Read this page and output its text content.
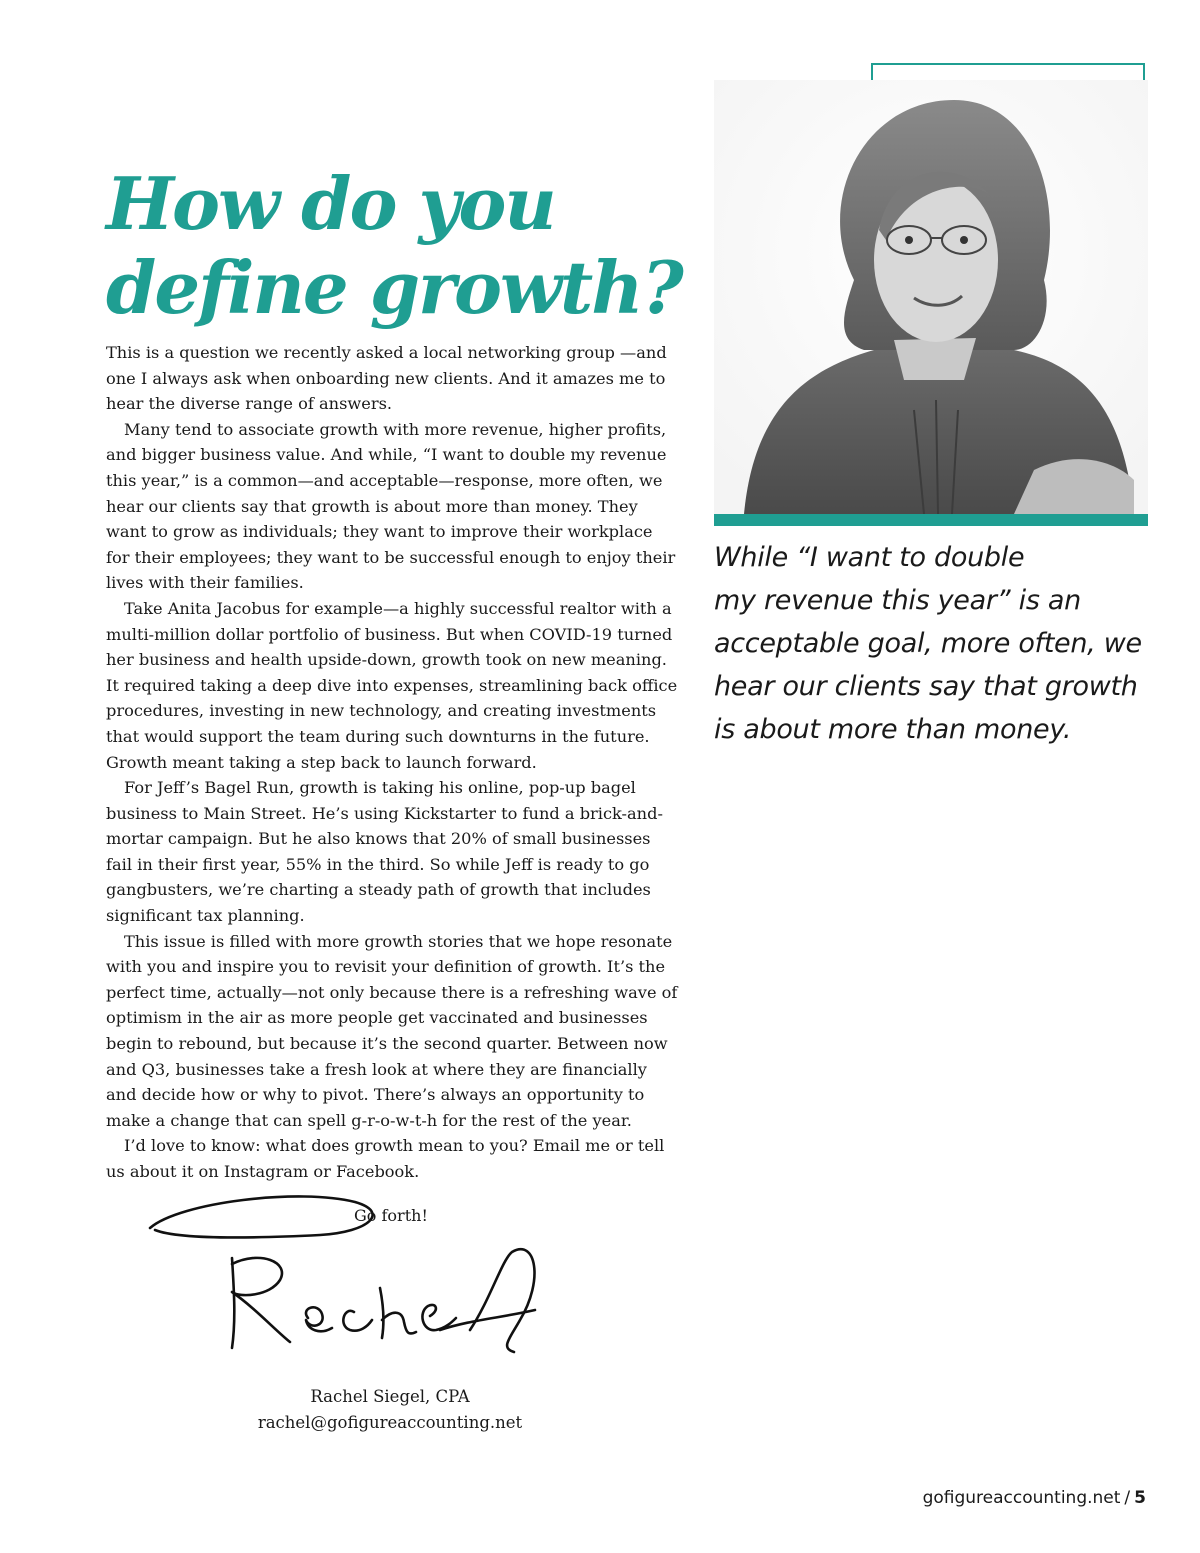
How do you
define growth?

This is a question we recently asked a local networking group —and one I always ask when onboarding new clients. And it amazes me to hear the diverse range of answers.

Many tend to associate growth with more revenue, higher profits, and bigger business value. And while, “I want to double my revenue this year,” is a common—and acceptable—response, more often, we hear our clients say that growth is about more than money. They want to grow as individuals; they want to improve their workplace for their employees; they want to be successful enough to enjoy their lives with their families.

Take Anita Jacobus for example—a highly successful realtor with a multi-million dollar portfolio of business. But when COVID-19 turned her business and health upside-down, growth took on new meaning. It required taking a deep dive into expenses, streamlining back office procedures, investing in new technology, and creating investments that would support the team during such downturns in the future. Growth meant taking a step back to launch forward.

For Jeff’s Bagel Run, growth is taking his online, pop-up bagel business to Main Street. He’s using Kickstarter to fund a brick-and-mortar campaign. But he also knows that 20% of small businesses fail in their first year, 55% in the third. So while Jeff is ready to go gangbusters, we’re charting a steady path of growth that includes significant tax planning.

This issue is filled with more growth stories that we hope resonate with you and inspire you to revisit your definition of growth. It’s the perfect time, actually—not only because there is a refreshing wave of optimism in the air as more people get vaccinated and businesses begin to rebound, but because it’s the second quarter. Between now and Q3, businesses take a fresh look at where they are financially and decide how or why to pivot. There’s always an opportunity to make a change that can spell g-r-o-w-t-h for the rest of the year.

I’d love to know: what does growth mean to you? Email me or tell us about it on Instagram or Facebook.

Go forth!
Rachel Siegel, CPA
rachel@gofigureaccounting.net
While “I want to double
my revenue this year” is an
acceptable goal, more often, we
hear our clients say that growth
is about more than money.
gofigureaccounting.net / 5
